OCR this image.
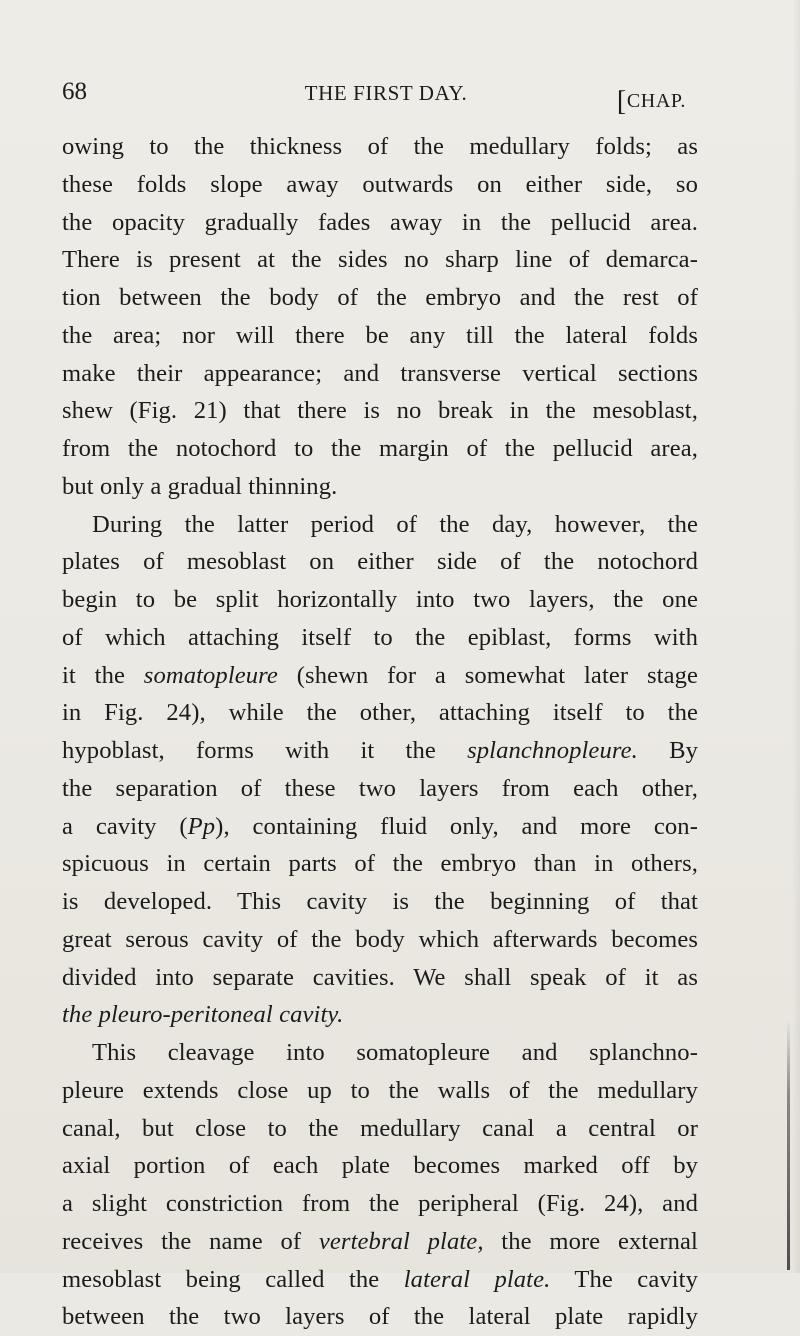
68	THE FIRST DAY.	[CHAP.
owing to the thickness of the medullary folds; as
these folds slope away outwards on either side, so
the opacity gradually fades away in the pellucid area.
There is present at the sides no sharp line of demarca-
tion between the body of the embryo and the rest of
the area; nor will there be any till the lateral folds
make their appearance; and transverse vertical sections
shew (Fig. 21) that there is no break in the mesoblast,
from the notochord to the margin of the pellucid area,
but only a gradual thinning.
During the latter period of the day, however, the
plates of mesoblast on either side of the notochord
begin to be split horizontally into two layers, the one
of which attaching itself to the epiblast, forms with
it the somatopleure (shewn for a somewhat later stage
in Fig. 24), while the other, attaching itself to the
hypoblast, forms with it the splanchnopleure. By
the separation of these two layers from each other,
a cavity (Pp), containing fluid only, and more con-
spicuous in certain parts of the embryo than in others,
is developed. This cavity is the beginning of that
great serous cavity of the body which afterwards becomes
divided into separate cavities. We shall speak of it as
the pleuro-peritoneal cavity.
This cleavage into somatopleure and splanchno-
pleure extends close up to the walls of the medullary
canal, but close to the medullary canal a central or
axial portion of each plate becomes marked off by
a slight constriction from the peripheral (Fig. 24), and
receives the name of vertebral plate, the more external
mesoblast being called the lateral plate. The cavity
between the two layers of the lateral plate rapidly
